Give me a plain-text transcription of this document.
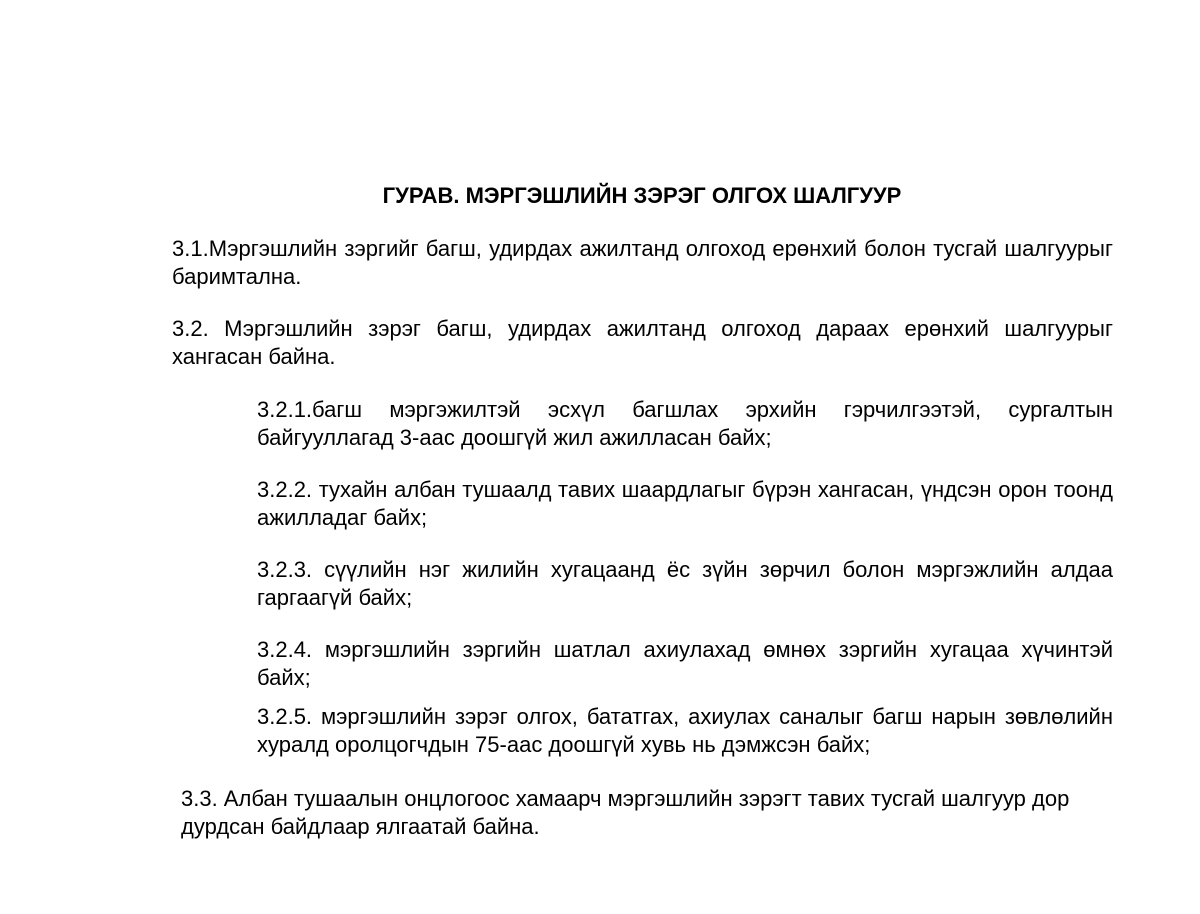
ГУРАВ. МЭРГЭШЛИЙН ЗЭРЭГ ОЛГОХ ШАЛГУУР

3.1.Мэргэшлийн зэргийг багш, удирдах ажилтанд олгоход ерөнхий болон тусгай шалгуурыг баримтална.

3.2. Мэргэшлийн зэрэг багш, удирдах ажилтанд олгоход дараах ерөнхий шалгуурыг хангасан байна.

3.2.1.багш мэргэжилтэй эсхүл багшлах эрхийн гэрчилгээтэй, сургалтын байгууллагад 3-аас доошгүй жил ажилласан байх;

3.2.2. тухайн албан тушаалд тавих шаардлагыг бүрэн хангасан, үндсэн орон тоонд ажилладаг байх;

3.2.3. сүүлийн нэг жилийн хугацаанд ёс зүйн зөрчил болон мэргэжлийн алдаа гаргаагүй байх;

3.2.4. мэргэшлийн зэргийн шатлал ахиулахад өмнөх зэргийн хугацаа хүчинтэй байх;

3.2.5. мэргэшлийн зэрэг олгох, бататгах, ахиулах саналыг багш нарын зөвлөлийн хуралд оролцогчдын 75-аас доошгүй хувь нь дэмжсэн байх;

3.3. Албан тушаалын онцлогоос хамаарч мэргэшлийн зэрэгт тавих тусгай шалгуур дор дурдсан байдлаар ялгаатай байна.
